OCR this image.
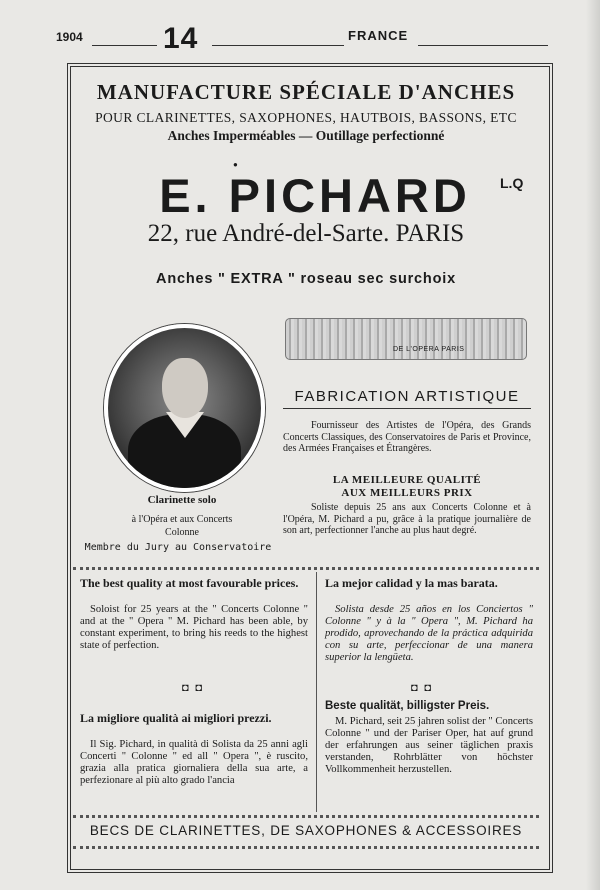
1904	14	FRANCE
MANUFACTURE SPÉCIALE D'ANCHES
POUR CLARINETTES, SAXOPHONES, HAUTBOIS, BASSONS, ETC
Anches Imperméables — Outillage perfectionné
●
E. PICHARD	L.Q
22, rue André-del-Sarte. PARIS
Anches " EXTRA " roseau sec surchoix
DE L'OPERA PARIS
Clarinette solo
à l'Opéra et aux Concerts
Colonne
Membre du Jury au Conservatoire
FABRICATION ARTISTIQUE
Fournisseur des Artistes de l'Opéra, des Grands Concerts Classiques, des Conservatoires de Paris et Province, des Armées Françaises et Étrangères.
LA MEILLEURE QUALITÉ
AUX MEILLEURS PRIX
Soliste depuis 25 ans aux Concerts Colonne et à l'Opéra, M. Pichard a pu, grâce à la pratique journalière de son art, perfectionner l'anche au plus haut degré.
The best quality at most favourable prices.
Soloist for 25 years at the " Concerts Colonne " and at the " Opera " M. Pichard has been able, by constant experiment, to bring his reeds to the highest state of perfection.
◘ ◘
La migliore qualità ai migliori prezzi.
Il Sig. Pichard, in qualità di Solista da 25 anni agli Concerti " Colonne " ed all " Opera ", è ruscito, grazia alla pratica giornaliera della sua arte, a perfezionare al più alto grado l'ancia
La mejor calidad y la mas barata.
Solista desde 25 años en los Conciertos " Colonne " y à la " Opera ", M. Pichard ha prodido, aprovechando de la práctica adquirida con su arte, perfeccionar de una manera superior la lengüeta.
◘ ◘
Beste qualität, billigster Preis.
M. Pichard, seit 25 jahren solist der " Concerts Colonne " und der Pariser Oper, hat auf grund der erfahrungen aus seiner täglichen praxis verstanden, Rohrblätter von höchster Vollkommenheit herzustellen.
BECS DE CLARINETTES, DE SAXOPHONES & ACCESSOIRES
